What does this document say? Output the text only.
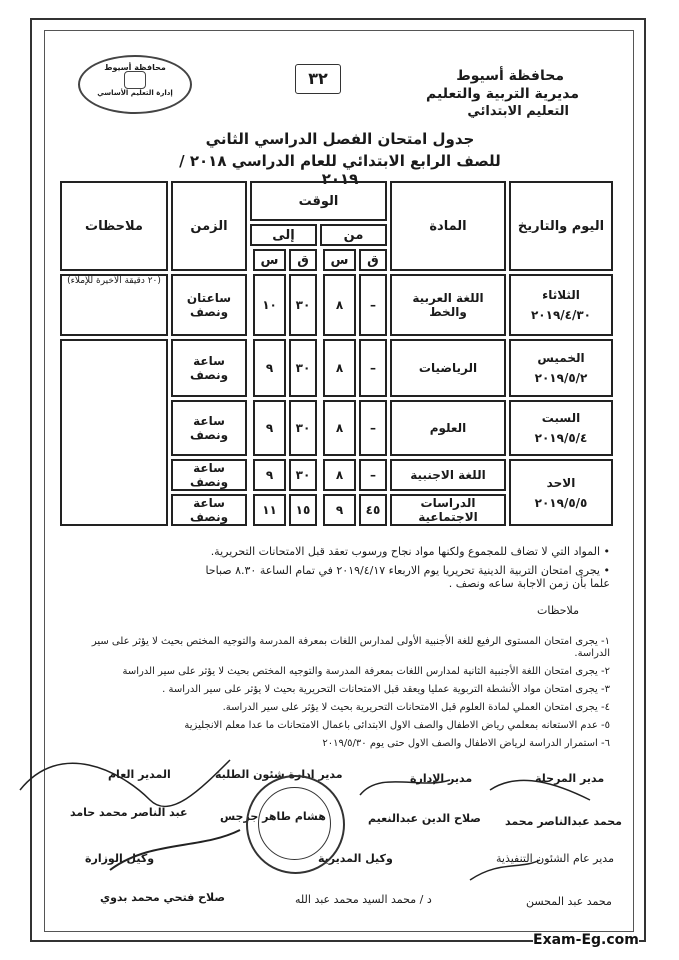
محافظة أسيوط
مديرية التربية والتعليم
التعليم الابتدائي
٣٢
محافظة أسيوط
إدارة التعليم الأساسي
جدول امتحان الفصل الدراسي الثاني
للصف الرابع الابتدائي للعام الدراسي ٢٠١٨ / ٢٠١٩
اليوم والتاريخ	المادة	الوقت						الزمن	ملاحظات
		من			إلى				
		ق	س		ق	س			

الثلاثاء
٢٠١٩/٤/٣٠	اللغة العربية والخط	–	٨		٣٠	١٠		ساعتان ونصف	(٢٠ دقيقة الأخيرة للإملاء)

الخميس
٢٠١٩/٥/٢	الرياضيات	–	٨		٣٠	٩		ساعة ونصف	

السبت
٢٠١٩/٥/٤	العلوم	–	٨		٣٠	٩		ساعة ونصف	

الاحد
٢٠١٩/٥/٥	اللغة الاجنبية	–	٨		٣٠	٩		ساعة ونصف	
	الدراسات الاجتماعية	٤٥	٩		١٥	١١		ساعة ونصف	
• المواد التي لا تضاف للمجموع ولكنها مواد نجاح ورسوب تعقد قبل الامتحانات التحريرية.
• يجرى امتحان التربية الدينية تحريريا يوم الاربعاء ٢٠١٩/٤/١٧ في تمام الساعة ٨.٣٠ صباحا علما بأن زمن الاجابة ساعه ونصف .
ملاحظات
١- يجرى امتحان المستوى الرفيع للغة الأجنبية الأولى لمدارس اللغات بمعرفة المدرسة والتوجيه المختص بحيث لا يؤثر على سير الدراسة.
٢- يجرى امتحان اللغة الأجنبية الثانية لمدارس اللغات بمعرفة المدرسة والتوجيه المختص بحيث لا يؤثر على سير الدراسة
٣- يجرى امتحان مواد الأنشطة التربوية عمليا ويعقد قبل الامتحانات التحريرية بحيث لا يؤثر على سير الدراسة .
٤- يجرى امتحان العملي لمادة العلوم قبل الامتحانات التحريرية بحيث لا يؤثر على سير الدراسة.
٥- عدم الاستعانه بمعلمي رياض الاطفال والصف الاول الابتدائى باعمال الامتحانات ما عدا معلم الانجليزية
٦- استمرار الدراسة لرياض الاطفال والصف الاول حتى يوم ٢٠١٩/٥/٣٠
مدير المرحلة
مدير الإدارة
مدير ادارة شئون الطلبة
المدير العام
محمد عبدالناصر محمد
صلاح الدين عبدالنعيم
هشام طاهر جرجس
عبد الناصر محمد حامد
مدير عام الشئون التنفيذية
وكيل المديرية
وكيل الوزارة
محمد عبد المحسن
د / محمد السيد محمد عبد الله
صلاح فتحي محمد بدوي
Exam-Eg.com
